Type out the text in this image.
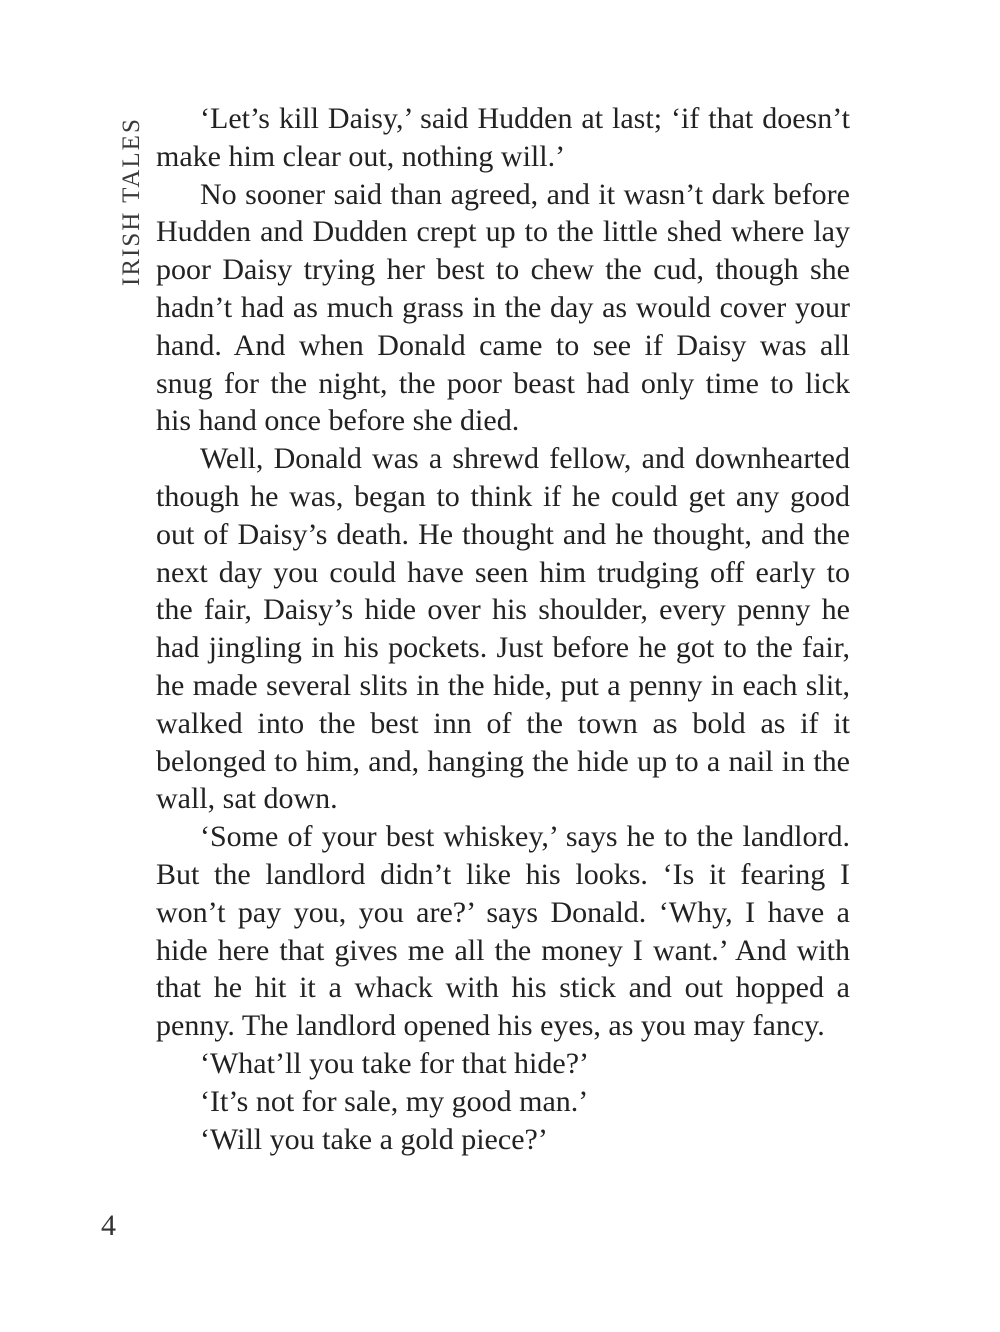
IRISH TALES	‘Let’s kill Daisy,’ said Hudden at last; ‘if that doesn’t make him clear out, nothing will.’

No sooner said than agreed, and it wasn’t dark before Hudden and Dudden crept up to the little shed where lay poor Daisy trying her best to chew the cud, though she hadn’t had as much grass in the day as would cover your hand. And when Donald came to see if Daisy was all snug for the night, the poor beast had only time to lick his hand once before she died.

Well, Donald was a shrewd fellow, and downhearted though he was, began to think if he could get any good out of Daisy’s death. He thought and he thought, and the next day you could have seen him trudging off early to the fair, Daisy’s hide over his shoulder, every penny he had jingling in his pockets. Just before he got to the fair, he made several slits in the hide, put a penny in each slit, walked into the best inn of the town as bold as if it belonged to him, and, hanging the hide up to a nail in the wall, sat down.

‘Some of your best whiskey,’ says he to the landlord. But the landlord didn’t like his looks. ‘Is it fearing I won’t pay you, you are?’ says Donald. ‘Why, I have a hide here that gives me all the money I want.’ And with that he hit it a whack with his stick and out hopped a penny. The landlord opened his eyes, as you may fancy.

‘What’ll you take for that hide?’

‘It’s not for sale, my good man.’

‘Will you take a gold piece?’

4
